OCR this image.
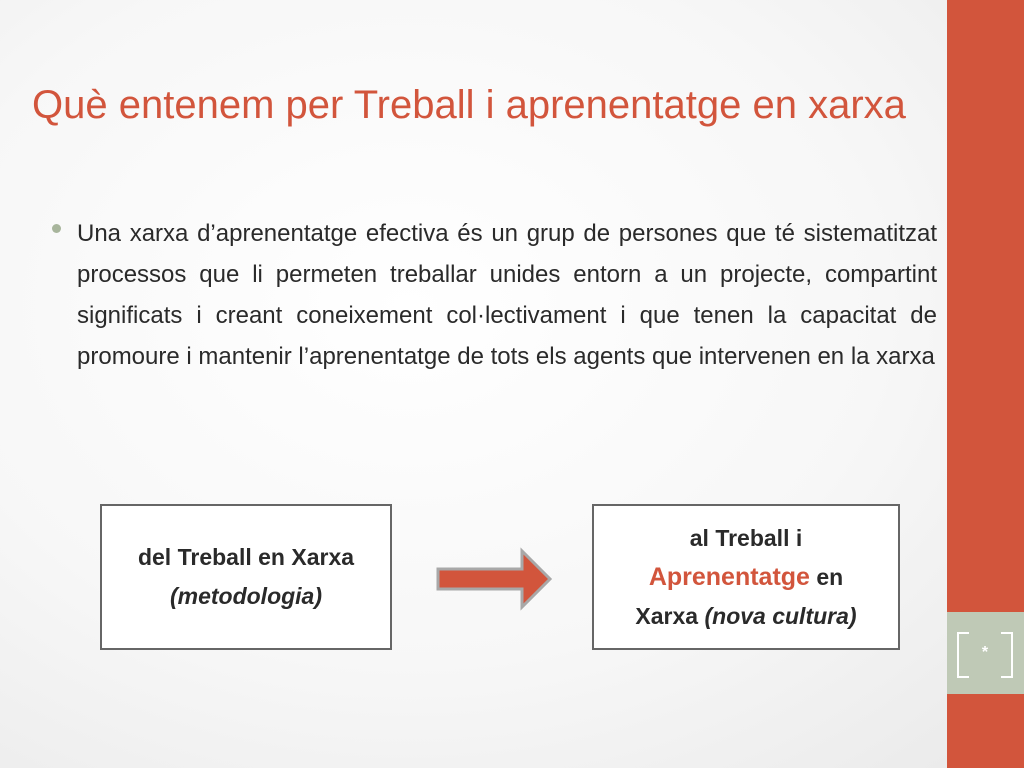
*
Què entenem per Treball i aprenentatge en xarxa

Una xarxa d’aprenentatge efectiva és un grup de persones que té sistematitzat processos que li permeten treballar unides entorn a un projecte, compartint significats i creant coneixement col·lectivament i que tenen la capacitat de promoure i mantenir l’aprenentatge de tots els agents que intervenen en la xarxa

del Treball en Xarxa
(metodologia)
al Treball i
Aprenentatge en
Xarxa (nova cultura)
